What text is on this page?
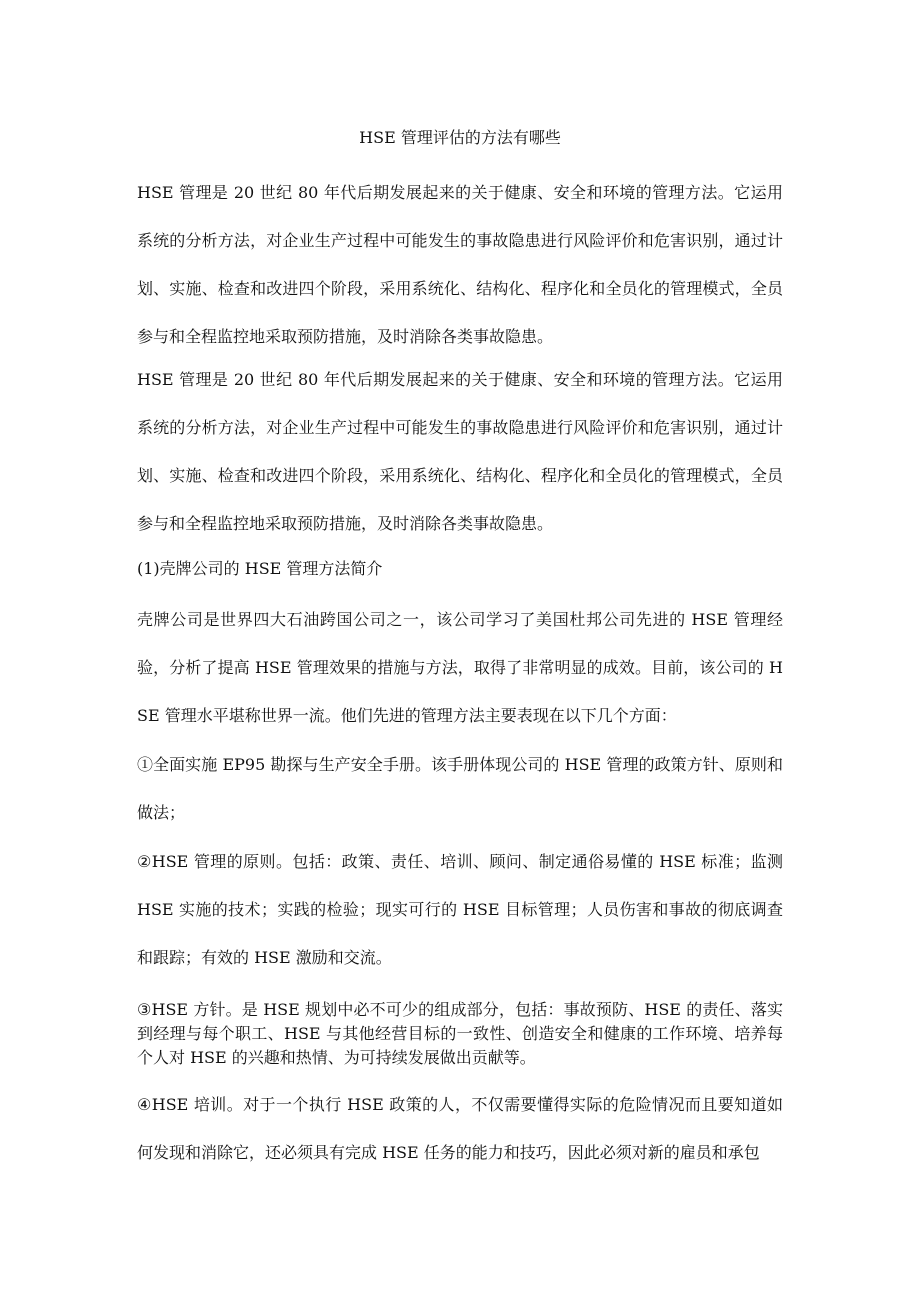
HSE 管理评估的方法有哪些

HSE 管理是 20 世纪 80 年代后期发展起来的关于健康、安全和环境的管理方法。它运用系统的分析方法，对企业生产过程中可能发生的事故隐患进行风险评价和危害识别，通过计划、实施、检查和改进四个阶段，采用系统化、结构化、程序化和全员化的管理模式，全员参与和全程监控地采取预防措施，及时消除各类事故隐患。

HSE 管理是 20 世纪 80 年代后期发展起来的关于健康、安全和环境的管理方法。它运用系统的分析方法，对企业生产过程中可能发生的事故隐患进行风险评价和危害识别，通过计划、实施、检查和改进四个阶段，采用系统化、结构化、程序化和全员化的管理模式，全员参与和全程监控地采取预防措施，及时消除各类事故隐患。

(1)壳牌公司的 HSE 管理方法简介

壳牌公司是世界四大石油跨国公司之一，该公司学习了美国杜邦公司先进的 HSE 管理经验，分析了提高 HSE 管理效果的措施与方法，取得了非常明显的成效。目前，该公司的 HSE 管理水平堪称世界一流。他们先进的管理方法主要表现在以下几个方面：

①全面实施 EP95 勘探与生产安全手册。该手册体现公司的 HSE 管理的政策方针、原则和做法；

②HSE 管理的原则。包括：政策、责任、培训、顾问、制定通俗易懂的 HSE 标准；监测 HSE 实施的技术；实践的检验；现实可行的 HSE 目标管理；人员伤害和事故的彻底调查和跟踪；有效的 HSE 激励和交流。

③HSE 方针。是 HSE 规划中必不可少的组成部分，包括：事故预防、HSE 的责任、落实到经理与每个职工、HSE 与其他经营目标的一致性、创造安全和健康的工作环境、培养每个人对 HSE 的兴趣和热情、为可持续发展做出贡献等。

④HSE 培训。对于一个执行 HSE 政策的人，不仅需要懂得实际的危险情况而且要知道如何发现和消除它，还必须具有完成 HSE 任务的能力和技巧，因此必须对新的雇员和承包
